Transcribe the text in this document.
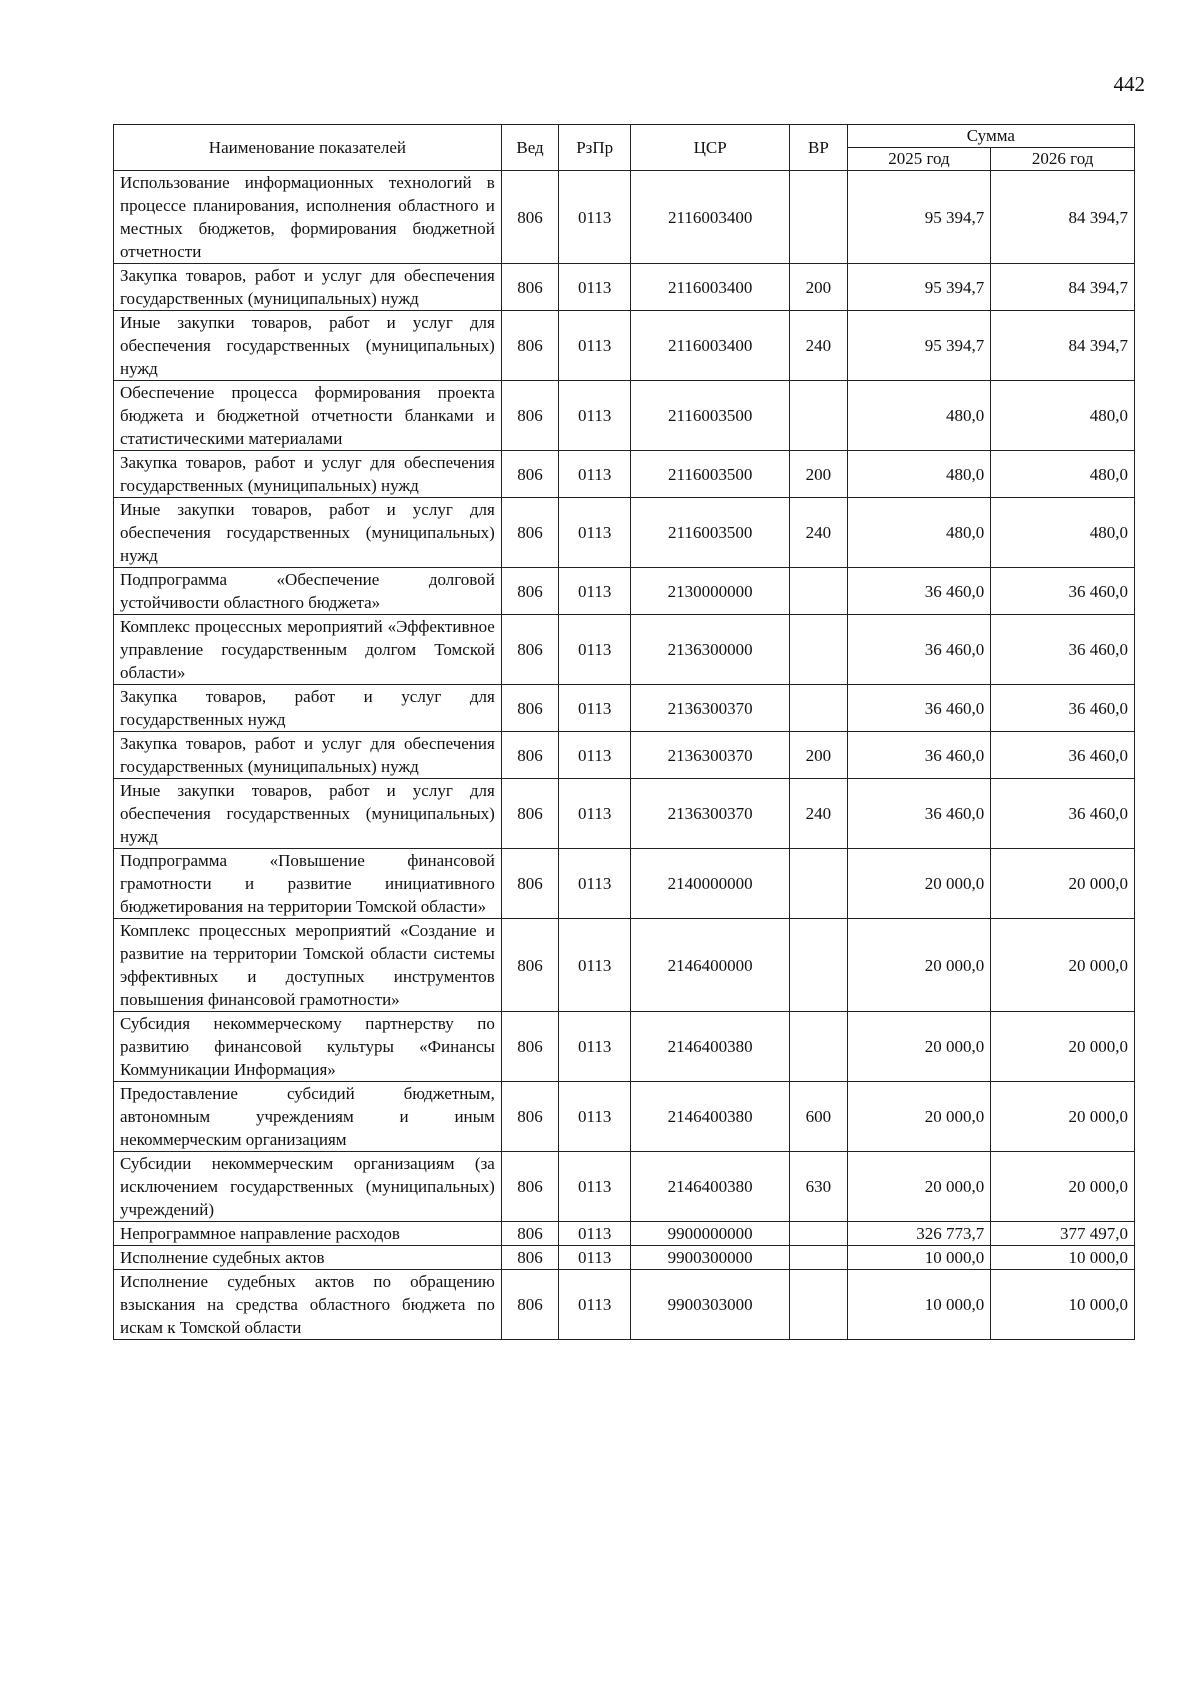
442
Наименование показателей	Вед	РзПр	ЦСР	ВР	Сумма	
					2025 год	2026 год
Использование информационных технологий в процессе планирования, исполнения областного и местных бюджетов, формирования бюджетной отчетности	806	0113	2116003400		95 394,7	84 394,7
Закупка товаров, работ и услуг для обеспечения государственных (муниципальных) нужд	806	0113	2116003400	200	95 394,7	84 394,7
Иные закупки товаров, работ и услуг для обеспечения государственных (муниципальных) нужд	806	0113	2116003400	240	95 394,7	84 394,7
Обеспечение процесса формирования проекта бюджета и бюджетной отчетности бланками и статистическими материалами	806	0113	2116003500		480,0	480,0
Закупка товаров, работ и услуг для обеспечения государственных (муниципальных) нужд	806	0113	2116003500	200	480,0	480,0
Иные закупки товаров, работ и услуг для обеспечения государственных (муниципальных) нужд	806	0113	2116003500	240	480,0	480,0
Подпрограмма «Обеспечение долговой устойчивости областного бюджета»	806	0113	2130000000		36 460,0	36 460,0
Комплекс процессных мероприятий «Эффективное управление государственным долгом Томской области»	806	0113	2136300000		36 460,0	36 460,0
Закупка товаров, работ и услуг для государственных нужд	806	0113	2136300370		36 460,0	36 460,0
Закупка товаров, работ и услуг для обеспечения государственных (муниципальных) нужд	806	0113	2136300370	200	36 460,0	36 460,0
Иные закупки товаров, работ и услуг для обеспечения государственных (муниципальных) нужд	806	0113	2136300370	240	36 460,0	36 460,0
Подпрограмма «Повышение финансовой грамотности и развитие инициативного бюджетирования на территории Томской области»	806	0113	2140000000		20 000,0	20 000,0
Комплекс процессных мероприятий «Создание и развитие на территории Томской области системы эффективных и доступных инструментов повышения финансовой грамотности»	806	0113	2146400000		20 000,0	20 000,0
Субсидия некоммерческому партнерству по развитию финансовой культуры «Финансы Коммуникации Информация»	806	0113	2146400380		20 000,0	20 000,0
Предоставление субсидий бюджетным, автономным учреждениям и иным некоммерческим организациям	806	0113	2146400380	600	20 000,0	20 000,0
Субсидии некоммерческим организациям (за исключением государственных (муниципальных) учреждений)	806	0113	2146400380	630	20 000,0	20 000,0
Непрограммное направление расходов	806	0113	9900000000		326 773,7	377 497,0
Исполнение судебных актов	806	0113	9900300000		10 000,0	10 000,0
Исполнение судебных актов по обращению взыскания на средства областного бюджета по искам к Томской области	806	0113	9900303000		10 000,0	10 000,0
